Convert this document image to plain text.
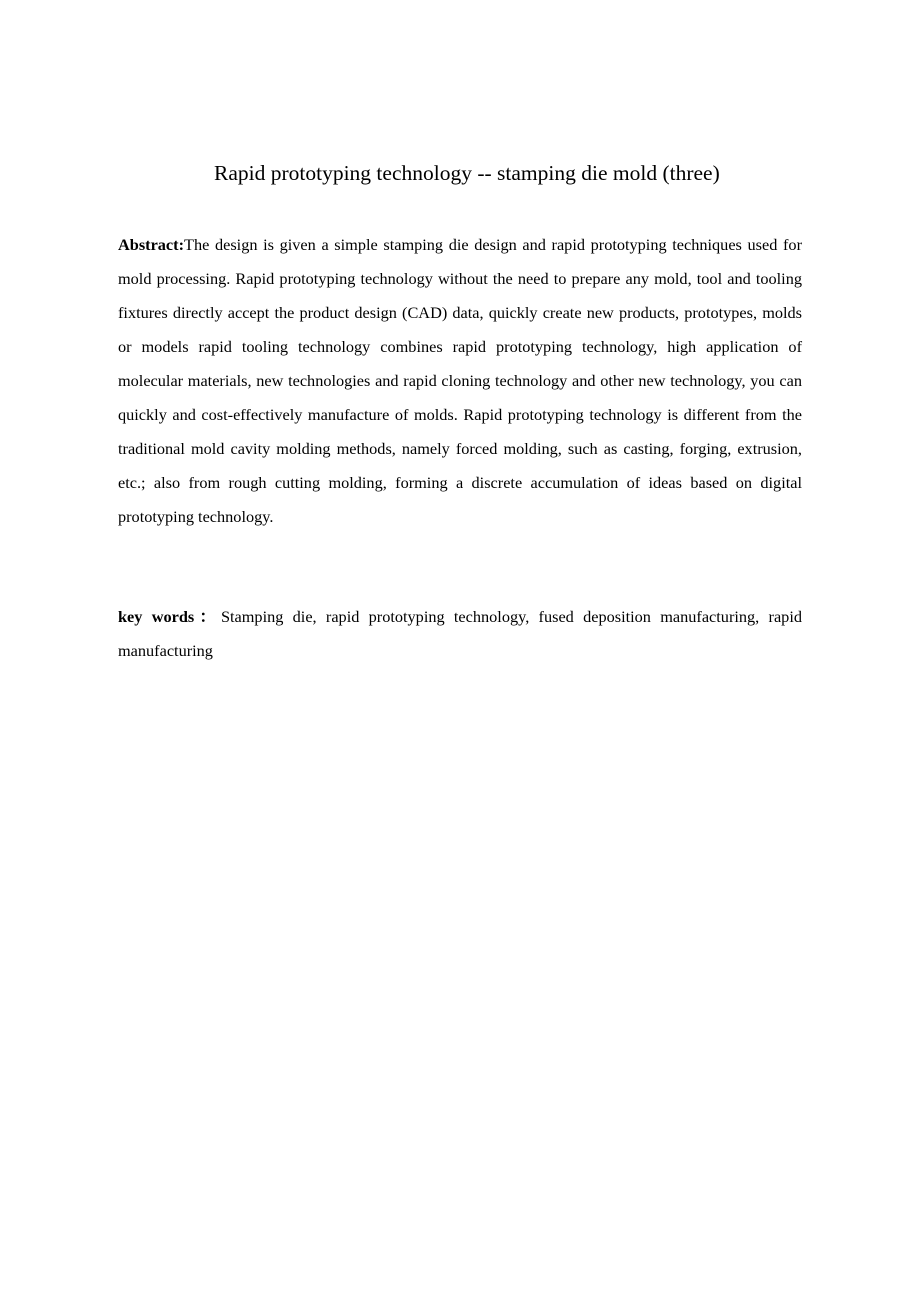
Rapid prototyping technology -- stamping die mold (three)

Abstract:The design is given a simple stamping die design and rapid prototyping techniques used for mold processing. Rapid prototyping technology without the need to prepare any mold, tool and tooling fixtures directly accept the product design (CAD) data, quickly create new products, prototypes, molds or models rapid tooling technology combines rapid prototyping technology, high application of molecular materials, new technologies and rapid cloning technology and other new technology, you can quickly and cost-effectively manufacture of molds. Rapid prototyping technology is different from the traditional mold cavity molding methods, namely forced molding, such as casting, forging, extrusion, etc.; also from rough cutting molding, forming a discrete accumulation of ideas based on digital prototyping technology.

key words：Stamping die, rapid prototyping technology, fused deposition manufacturing, rapid manufacturing
